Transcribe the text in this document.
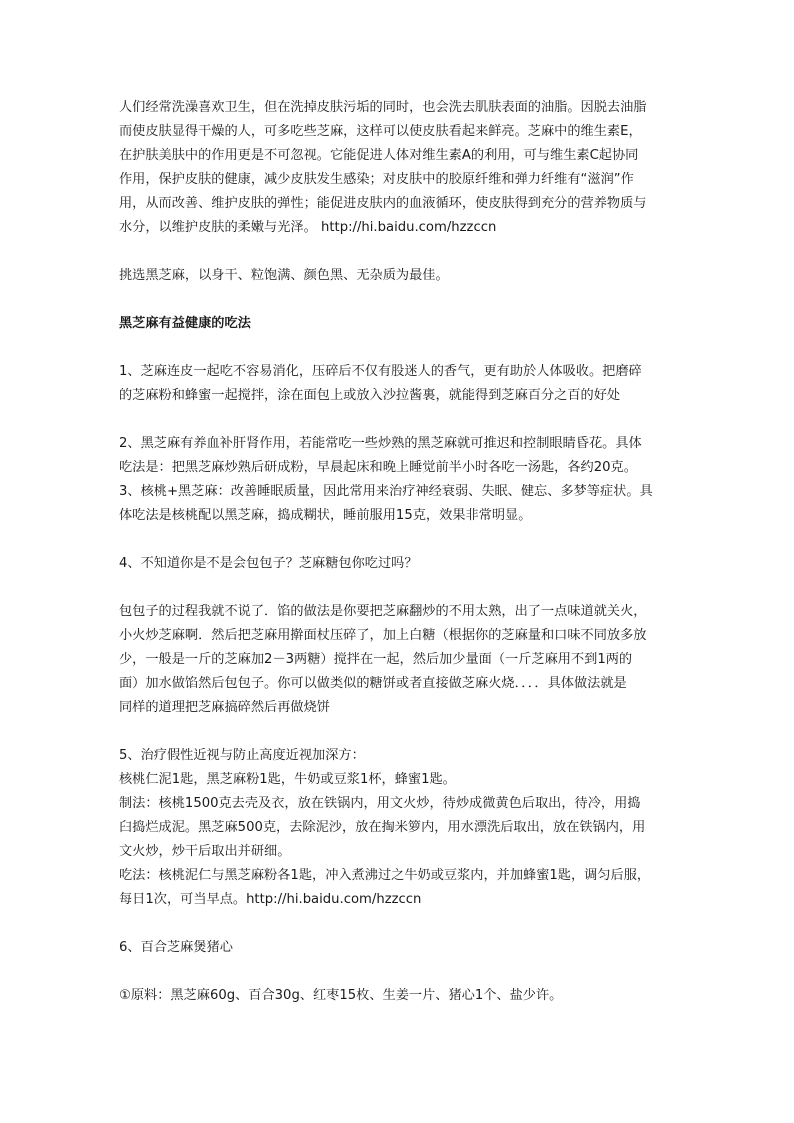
人们经常洗澡喜欢卫生，但在洗掉皮肤污垢的同时，也会洗去肌肤表面的油脂。因脱去油脂
而使皮肤显得干燥的人，可多吃些芝麻，这样可以使皮肤看起来鲜亮。芝麻中的维生素E，
在护肤美肤中的作用更是不可忽视。它能促进人体对维生素A的利用，可与维生素C起协同
作用，保护皮肤的健康，减少皮肤发生感染；对皮肤中的胶原纤维和弹力纤维有“滋润”作
用，从而改善、维护皮肤的弹性；能促进皮肤内的血液循环，使皮肤得到充分的营养物质与
水分，以维护皮肤的柔嫩与光泽。 http://hi.baidu.com/hzzccn

挑选黑芝麻，以身干、粒饱满、颜色黑、无杂质为最佳。

黑芝麻有益健康的吃法

1、芝麻连皮一起吃不容易消化，压碎后不仅有股迷人的香气，更有助於人体吸收。把磨碎
的芝麻粉和蜂蜜一起搅拌，涂在面包上或放入沙拉酱裏，就能得到芝麻百分之百的好处

2、黑芝麻有养血补肝肾作用，若能常吃一些炒熟的黑芝麻就可推迟和控制眼睛昏花。具体
吃法是：把黑芝麻炒熟后研成粉，早晨起床和晚上睡觉前半小时各吃一汤匙，各约20克。
3、核桃+黑芝麻：改善睡眠质量，因此常用来治疗神经衰弱、失眠、健忘、多梦等症状。具
体吃法是核桃配以黑芝麻，捣成糊状，睡前服用15克，效果非常明显。

4、不知道你是不是会包包子？芝麻糖包你吃过吗？

包包子的过程我就不说了．馅的做法是你要把芝麻翻炒的不用太熟，出了一点味道就关火，
小火炒芝麻啊．然后把芝麻用擀面杖压碎了，加上白糖（根据你的芝麻量和口味不同放多放
少，一般是一斤的芝麻加2－3两糖）搅拌在一起，然后加少量面（一斤芝麻用不到1两的
面）加水做馅然后包包子。你可以做类似的糖饼或者直接做芝麻火烧．．．．具体做法就是
同样的道理把芝麻搞碎然后再做烧饼

5、治疗假性近视与防止高度近视加深方：
核桃仁泥1匙，黑芝麻粉1匙，牛奶或豆浆1杯，蜂蜜1匙。
制法：核桃1500克去壳及衣，放在铁锅内，用文火炒，待炒成微黄色后取出，待冷，用捣
臼捣烂成泥。黑芝麻500克，去除泥沙，放在掏米箩内，用水漂洗后取出，放在铁锅内，用
文火炒，炒干后取出并研细。
吃法：核桃泥仁与黑芝麻粉各1匙，冲入煮沸过之牛奶或豆浆内，并加蜂蜜1匙，调匀后服，
每日1次，可当早点。http://hi.baidu.com/hzzccn

6、百合芝麻煲猪心

①原料：黑芝麻60g、百合30g、红枣15枚、生姜一片、猪心1个、盐少许。
